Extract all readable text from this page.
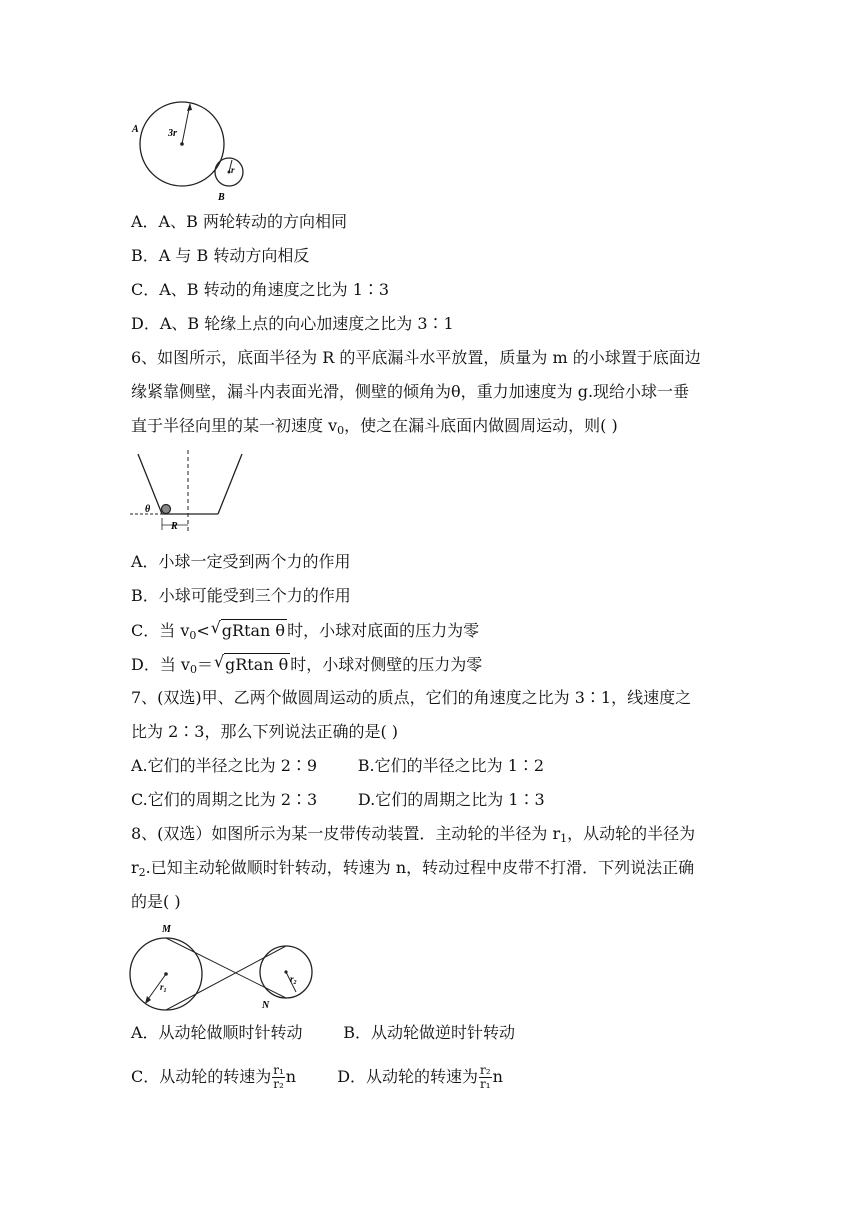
A	3r
r
B
A．A、B 两轮转动的方向相同
B．A 与 B 转动方向相反
C．A、B 转动的角速度之比为 1∶3
D．A、B 轮缘上点的向心加速度之比为 3∶1
6、如图所示，底面半径为 R 的平底漏斗水平放置，质量为 m 的小球置于底面边
缘紧靠侧壁，漏斗内表面光滑，侧壁的倾角为θ，重力加速度为 g.现给小球一垂
直于半径向里的某一初速度 $v_0$，使之在漏斗底面内做圆周运动，则( )
θ
R
A．小球一定受到两个力的作用
B．小球可能受到三个力的作用
C．当 $v_0<√$ gRtan θ 时，小球对底面的压力为零
D．当 $v_0=√$ gRtan θ 时，小球对侧壁的压力为零
7、(双选)甲、乙两个做圆周运动的质点，它们的角速度之比为 3∶1，线速度之
比为 2∶3，那么下列说法正确的是( )
A.它们的半径之比为 2∶9        B.它们的半径之比为 1∶2
C.它们的周期之比为 2∶3        D.它们的周期之比为 1∶3
8、(双选）如图所示为某一皮带传动装置．主动轮的半径为 $r_1$，从动轮的半径为
$r_2$.已知主动轮做顺时针转动，转速为 n，转动过程中皮带不打滑．下列说法正确
的是( )
M
N
$r_1$
$r_2$
A．从动轮做顺时针转动        B．从动轮做逆时针转动
C．从动轮的转速为 $\frac{\text{r₁}}{\text{r₂}}$ n	D．从动轮的转速为 $\frac{\text{r₂}}{\text{r₁}}$ n
